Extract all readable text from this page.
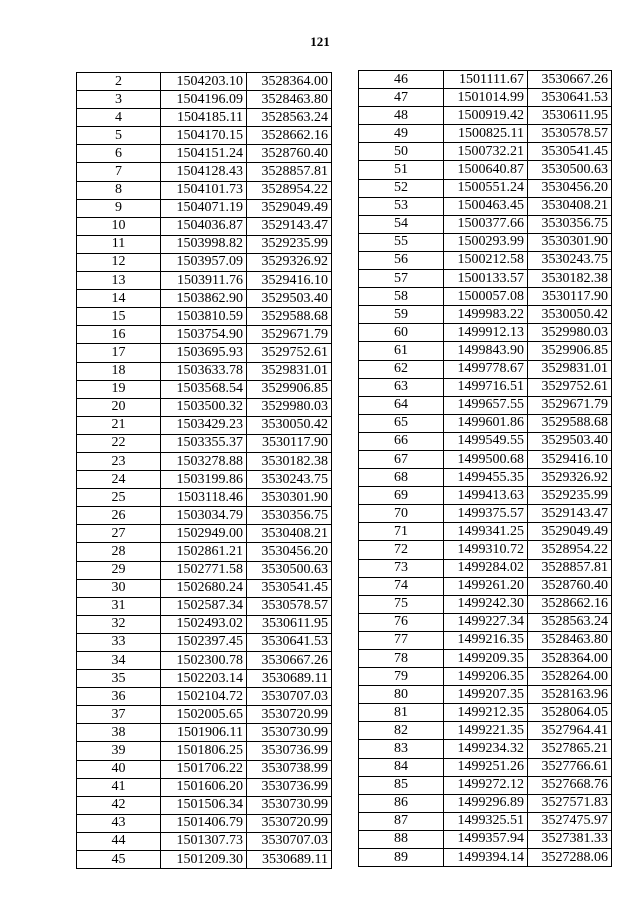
121
2	1504203.10	3528364.00
3	1504196.09	3528463.80
4	1504185.11	3528563.24
5	1504170.15	3528662.16
6	1504151.24	3528760.40
7	1504128.43	3528857.81
8	1504101.73	3528954.22
9	1504071.19	3529049.49
10	1504036.87	3529143.47
11	1503998.82	3529235.99
12	1503957.09	3529326.92
13	1503911.76	3529416.10
14	1503862.90	3529503.40
15	1503810.59	3529588.68
16	1503754.90	3529671.79
17	1503695.93	3529752.61
18	1503633.78	3529831.01
19	1503568.54	3529906.85
20	1503500.32	3529980.03
21	1503429.23	3530050.42
22	1503355.37	3530117.90
23	1503278.88	3530182.38
24	1503199.86	3530243.75
25	1503118.46	3530301.90
26	1503034.79	3530356.75
27	1502949.00	3530408.21
28	1502861.21	3530456.20
29	1502771.58	3530500.63
30	1502680.24	3530541.45
31	1502587.34	3530578.57
32	1502493.02	3530611.95
33	1502397.45	3530641.53
34	1502300.78	3530667.26
35	1502203.14	3530689.11
36	1502104.72	3530707.03
37	1502005.65	3530720.99
38	1501906.11	3530730.99
39	1501806.25	3530736.99
40	1501706.22	3530738.99
41	1501606.20	3530736.99
42	1501506.34	3530730.99
43	1501406.79	3530720.99
44	1501307.73	3530707.03
45	1501209.30	3530689.11
46	1501111.67	3530667.26
47	1501014.99	3530641.53
48	1500919.42	3530611.95
49	1500825.11	3530578.57
50	1500732.21	3530541.45
51	1500640.87	3530500.63
52	1500551.24	3530456.20
53	1500463.45	3530408.21
54	1500377.66	3530356.75
55	1500293.99	3530301.90
56	1500212.58	3530243.75
57	1500133.57	3530182.38
58	1500057.08	3530117.90
59	1499983.22	3530050.42
60	1499912.13	3529980.03
61	1499843.90	3529906.85
62	1499778.67	3529831.01
63	1499716.51	3529752.61
64	1499657.55	3529671.79
65	1499601.86	3529588.68
66	1499549.55	3529503.40
67	1499500.68	3529416.10
68	1499455.35	3529326.92
69	1499413.63	3529235.99
70	1499375.57	3529143.47
71	1499341.25	3529049.49
72	1499310.72	3528954.22
73	1499284.02	3528857.81
74	1499261.20	3528760.40
75	1499242.30	3528662.16
76	1499227.34	3528563.24
77	1499216.35	3528463.80
78	1499209.35	3528364.00
79	1499206.35	3528264.00
80	1499207.35	3528163.96
81	1499212.35	3528064.05
82	1499221.35	3527964.41
83	1499234.32	3527865.21
84	1499251.26	3527766.61
85	1499272.12	3527668.76
86	1499296.89	3527571.83
87	1499325.51	3527475.97
88	1499357.94	3527381.33
89	1499394.14	3527288.06
